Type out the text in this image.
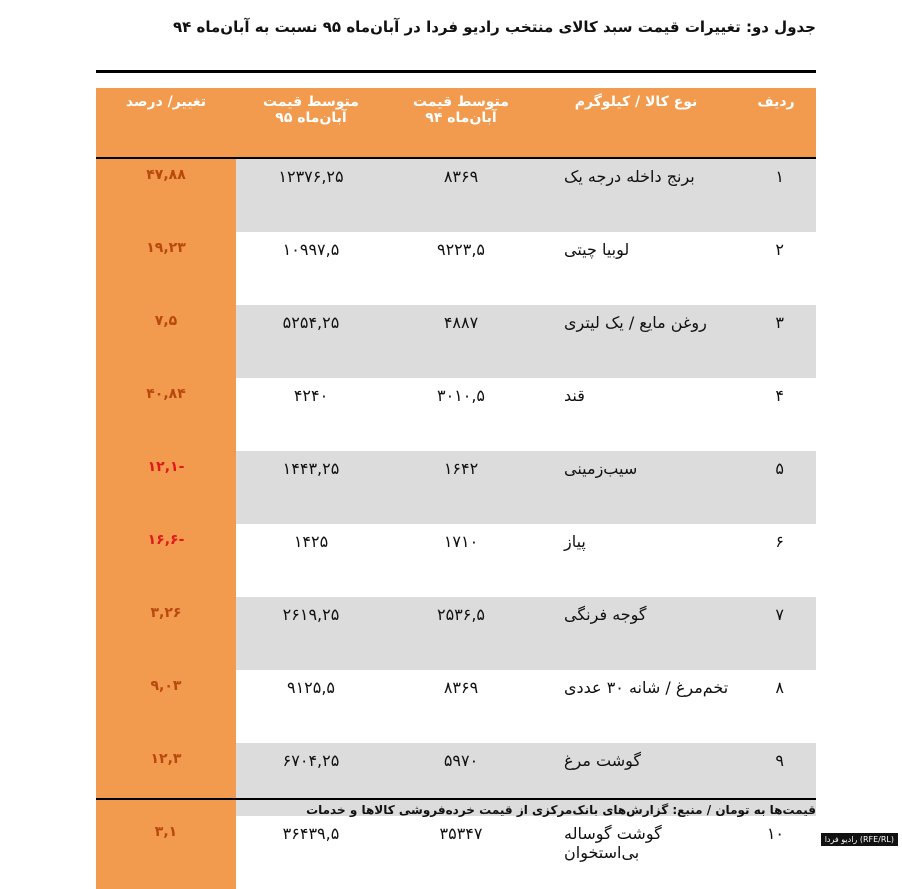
جدول دو: تغییرات قیمت سبد کالای منتخب رادیو فردا در آبان‌ماه ۹۵ نسبت به آبان‌ماه ۹۴
ردیف	نوع کالا / کیلوگرم	متوسط قیمت آبان‌ماه ۹۴	متوسط قیمت آبان‌ماه ۹۵	تغییر/ درصد
۱	برنج داخله درجه یک	۸۳۶۹	۱۲۳۷۶,۲۵	۴۷,۸۸
۲	لوبیا چیتی	۹۲۲۳,۵	۱۰۹۹۷,۵	۱۹,۲۳
۳	روغن مایع / یک لیتری	۴۸۸۷	۵۲۵۴,۲۵	۷,۵
۴	قند	۳۰۱۰,۵	۴۲۴۰	۴۰,۸۴
۵	سیب‌زمینی	۱۶۴۲	۱۴۴۳,۲۵	-۱۲,۱
۶	پیاز	۱۷۱۰	۱۴۲۵	-۱۶,۶
۷	گوجه فرنگی	۲۵۳۶,۵	۲۶۱۹,۲۵	۳,۲۶
۸	تخم‌مرغ / شانه ۳۰ عددی	۸۳۶۹	۹۱۲۵,۵	۹,۰۳
۹	گوشت مرغ	۵۹۷۰	۶۷۰۴,۲۵	۱۲,۳
۱۰	گوشت گوساله بی‌استخوان	۳۵۳۴۷	۳۶۴۳۹,۵	۳,۱
قیمت‌ها به تومان / منبع: گزارش‌های بانک‌مرکزی از قیمت خرده‌فروشی کالاها و خدمات
رادیو فردا (RFE/RL)
